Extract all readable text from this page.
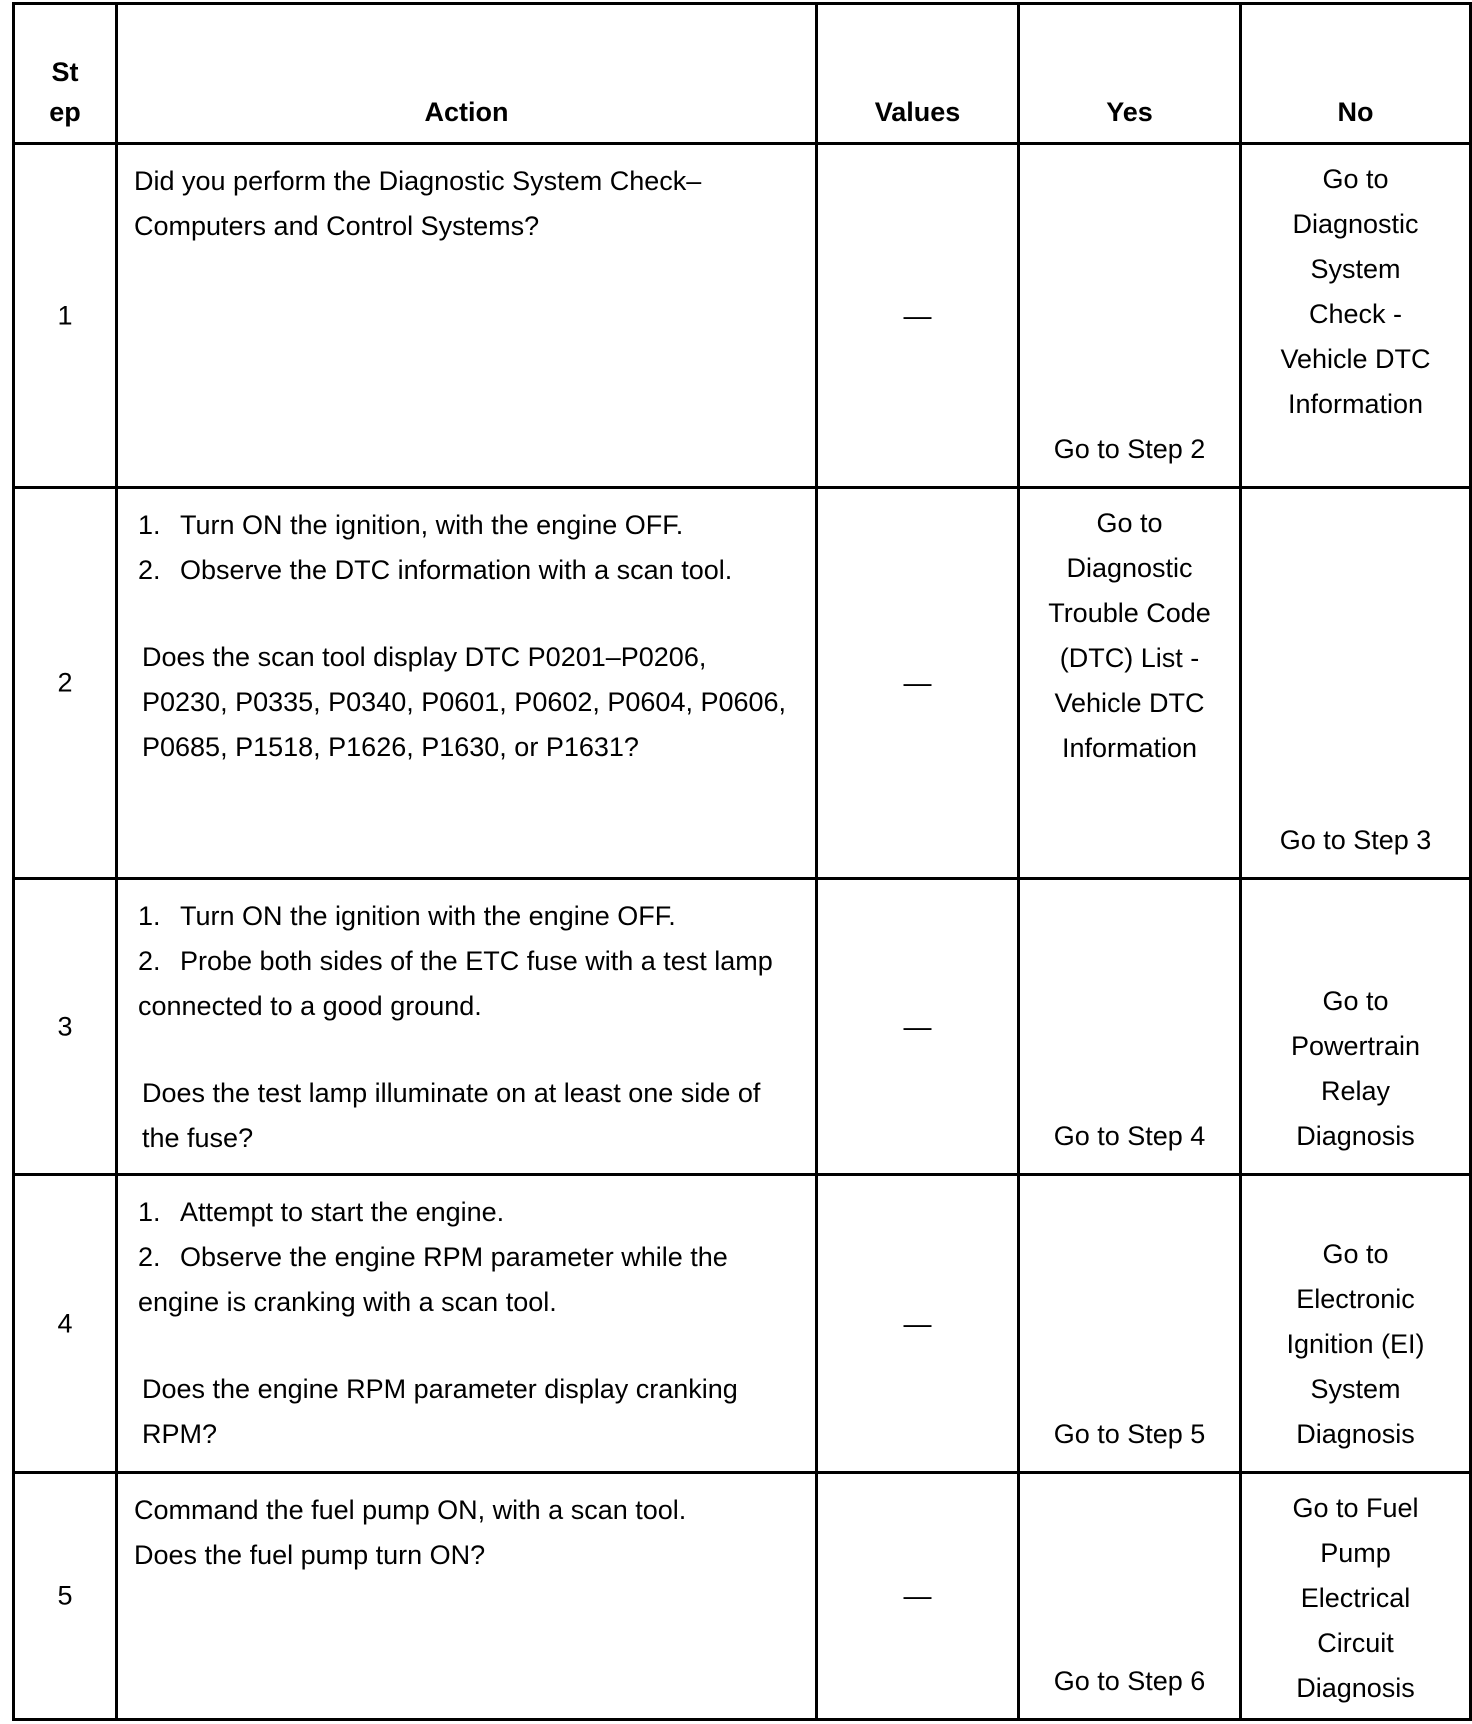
Step	Action	Values	Yes	No

1	Did you perform the Diagnostic System Check–Computers and Control Systems?	—	Go to Step 2	Go to Diagnostic System Check - Vehicle DTC Information

2	1. Turn ON the ignition, with the engine OFF.
2. Observe the DTC information with a scan tool.
Does the scan tool display DTC P0201–P0206, P0230, P0335, P0340, P0601, P0602, P0604, P0606, P0685, P1518, P1626, P1630, or P1631?	—	Go to Diagnostic Trouble Code (DTC) List - Vehicle DTC Information	Go to Step 3

3	1. Turn ON the ignition with the engine OFF.
2. Probe both sides of the ETC fuse with a test lamp connected to a good ground.
Does the test lamp illuminate on at least one side of the fuse?	—	Go to Step 4	Go to Powertrain Relay Diagnosis

4	1. Attempt to start the engine.
2. Observe the engine RPM parameter while the engine is cranking with a scan tool.
Does the engine RPM parameter display cranking RPM?	—	Go to Step 5	Go to Electronic Ignition (EI) System Diagnosis

5	Command the fuel pump ON, with a scan tool.
Does the fuel pump turn ON?	—	Go to Step 6	Go to Fuel Pump Electrical Circuit Diagnosis
